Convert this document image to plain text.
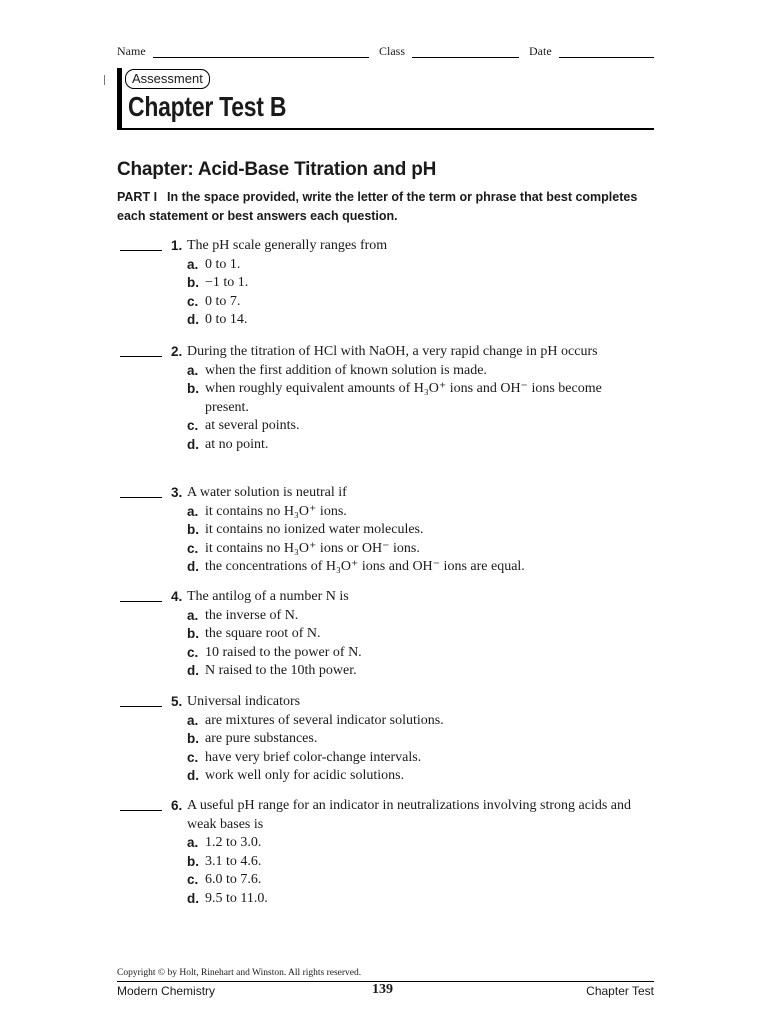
Name	Class	Date
Assessment
Chapter Test B
Chapter: Acid-Base Titration and pH
PART I In the space provided, write the letter of the term or phrase that best completes each statement or best answers each question.
1. The pH scale generally ranges from
a. 0 to 1.
b. −1 to 1.
c. 0 to 7.
d. 0 to 14.
2. During the titration of HCl with NaOH, a very rapid change in pH occurs
a. when the first addition of known solution is made.
b. when roughly equivalent amounts of H₃O⁺ ions and OH⁻ ions become present.
c. at several points.
d. at no point.
3. A water solution is neutral if
a. it contains no H₃O⁺ ions.
b. it contains no ionized water molecules.
c. it contains no H₃O⁺ ions or OH⁻ ions.
d. the concentrations of H₃O⁺ ions and OH⁻ ions are equal.
4. The antilog of a number N is
a. the inverse of N.
b. the square root of N.
c. 10 raised to the power of N.
d. N raised to the 10th power.
5. Universal indicators
a. are mixtures of several indicator solutions.
b. are pure substances.
c. have very brief color-change intervals.
d. work well only for acidic solutions.
6. A useful pH range for an indicator in neutralizations involving strong acids and weak bases is
a. 1.2 to 3.0.
b. 3.1 to 4.6.
c. 6.0 to 7.6.
d. 9.5 to 11.0.
Copyright © by Holt, Rinehart and Winston. All rights reserved.
Modern Chemistry	139	Chapter Test
